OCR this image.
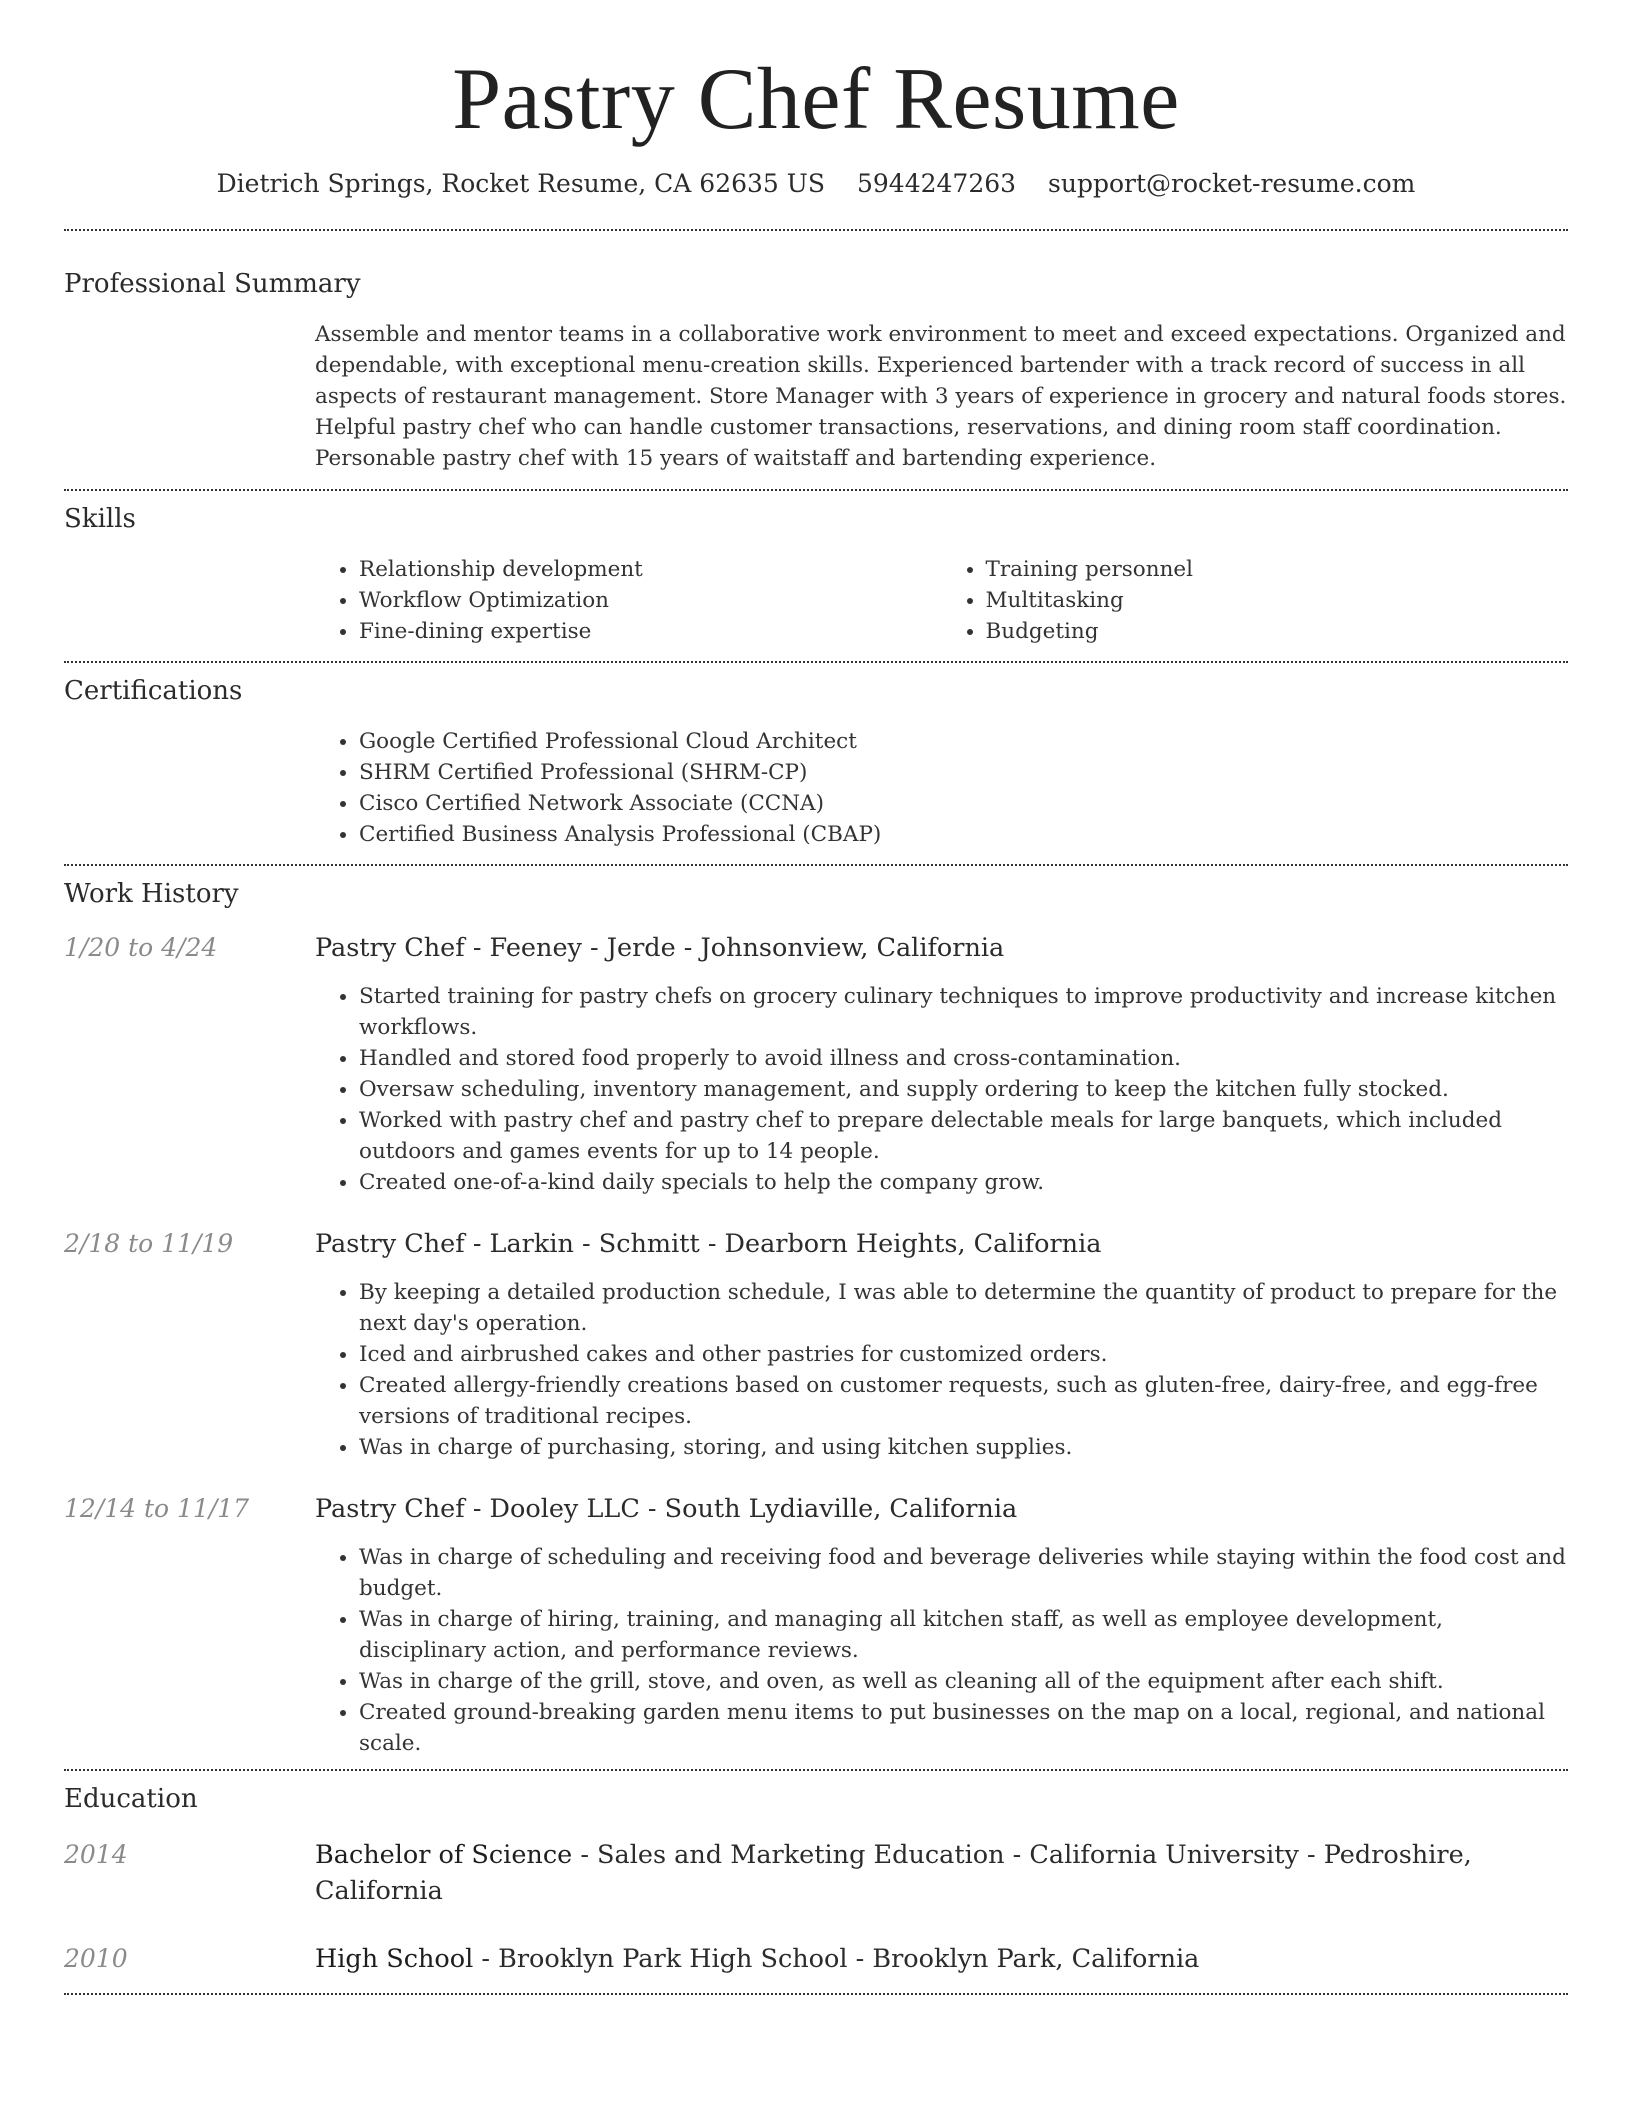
Pastry Chef Resume
Dietrich Springs, Rocket Resume, CA 62635 US 5944247263 support@rocket-resume.com
Professional Summary

Assemble and mentor teams in a collaborative work environment to meet and exceed expectations. Organized and dependable, with exceptional menu-creation skills. Experienced bartender with a track record of success in all aspects of restaurant management. Store Manager with 3 years of experience in grocery and natural foods stores. Helpful pastry chef who can handle customer transactions, reservations, and dining room staff coordination. Personable pastry chef with 15 years of waitstaff and bartending experience.

Skills
• Relationship development
• Workflow Optimization
• Fine-dining expertise
• Training personnel
• Multitasking
• Budgeting
Certifications
• Google Certified Professional Cloud Architect
• SHRM Certified Professional (SHRM-CP)
• Cisco Certified Network Associate (CCNA)
• Certified Business Analysis Professional (CBAP)
Work History
1/20 to 4/24	Pastry Chef - Feeney - Jerde - Johnsonview, California
• Started training for pastry chefs on grocery culinary techniques to improve productivity and increase kitchen workflows.
• Handled and stored food properly to avoid illness and cross-contamination.
• Oversaw scheduling, inventory management, and supply ordering to keep the kitchen fully stocked.
• Worked with pastry chef and pastry chef to prepare delectable meals for large banquets, which included outdoors and games events for up to 14 people.
• Created one-of-a-kind daily specials to help the company grow.
2/18 to 11/19	Pastry Chef - Larkin - Schmitt - Dearborn Heights, California
• By keeping a detailed production schedule, I was able to determine the quantity of product to prepare for the next day's operation.
• Iced and airbrushed cakes and other pastries for customized orders.
• Created allergy-friendly creations based on customer requests, such as gluten-free, dairy-free, and egg-free versions of traditional recipes.
• Was in charge of purchasing, storing, and using kitchen supplies.
12/14 to 11/17	Pastry Chef - Dooley LLC - South Lydiaville, California
• Was in charge of scheduling and receiving food and beverage deliveries while staying within the food cost and budget.
• Was in charge of hiring, training, and managing all kitchen staff, as well as employee development, disciplinary action, and performance reviews.
• Was in charge of the grill, stove, and oven, as well as cleaning all of the equipment after each shift.
• Created ground-breaking garden menu items to put businesses on the map on a local, regional, and national scale.
Education
2014	Bachelor of Science - Sales and Marketing Education - California University - Pedroshire, California
2010	High School - Brooklyn Park High School - Brooklyn Park, California
